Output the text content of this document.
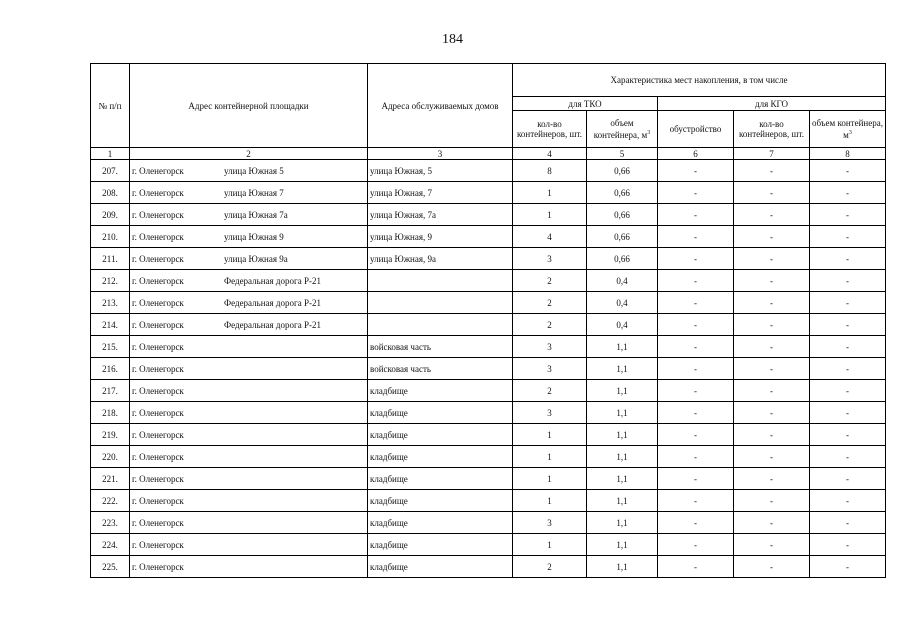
184
№ п/п	Адрес контейнерной площадки	Адреса обслуживаемых домов	Характеристика мест накопления, в том числе				
			для ТКО		для КГО		
			кол-во контейнеров, шт.	объем контейнера, $м^3$	обустройство	кол-во контейнеров, шт.	объем контейнера, $м^3$
1	2	3	4	5	6	7	8
207.	г. Оленегорск улица Южная 5	улица Южная, 5	8	0,66	-	-	-
208.	г. Оленегорск улица Южная 7	улица Южная, 7	1	0,66	-	-	-
209.	г. Оленегорск улица Южная 7а	улица Южная, 7а	1	0,66	-	-	-
210.	г. Оленегорск улица Южная 9	улица Южная, 9	4	0,66	-	-	-
211.	г. Оленегорск улица Южная 9а	улица Южная, 9а	3	0,66	-	-	-
212.	г. Оленегорск Федеральная дорога Р-21		2	0,4	-	-	-
213.	г. Оленегорск Федеральная дорога Р-21		2	0,4	-	-	-
214.	г. Оленегорск Федеральная дорога Р-21		2	0,4	-	-	-
215.	г. Оленегорск	войсковая часть	3	1,1	-	-	-
216.	г. Оленегорск	войсковая часть	3	1,1	-	-	-
217.	г. Оленегорск	кладбище	2	1,1	-	-	-
218.	г. Оленегорск	кладбище	3	1,1	-	-	-
219.	г. Оленегорск	кладбище	1	1,1	-	-	-
220.	г. Оленегорск	кладбище	1	1,1	-	-	-
221.	г. Оленегорск	кладбище	1	1,1	-	-	-
222.	г. Оленегорск	кладбище	1	1,1	-	-	-
223.	г. Оленегорск	кладбище	3	1,1	-	-	-
224.	г. Оленегорск	кладбище	1	1,1	-	-	-
225.	г. Оленегорск	кладбище	2	1,1	-	-	-
